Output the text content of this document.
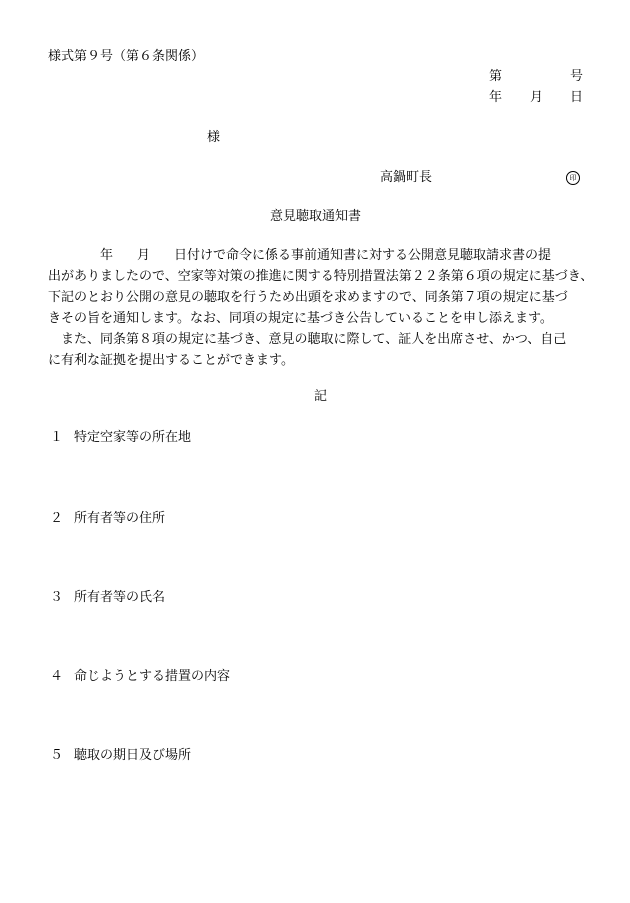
様式第９号（第６条関係）
第	号
年 月 日
様
高鍋町長	印
意見聴取通知書
年 月 日付けで命令に係る事前通知書に対する公開意見聴取請求書の提
出がありましたので、空家等対策の推進に関する特別措置法第２２条第６項の規定に基づき、
下記のとおり公開の意見の聴取を行うため出頭を求めますので、同条第７項の規定に基づ
きその旨を通知します。なお、同項の規定に基づき公告していることを申し添えます。
また、同条第８項の規定に基づき、意見の聴取に際して、証人を出席させ、かつ、自己
に有利な証拠を提出することができます。
記
１ 特定空家等の所在地
２ 所有者等の住所
３ 所有者等の氏名
４ 命じようとする措置の内容
５ 聴取の期日及び場所
